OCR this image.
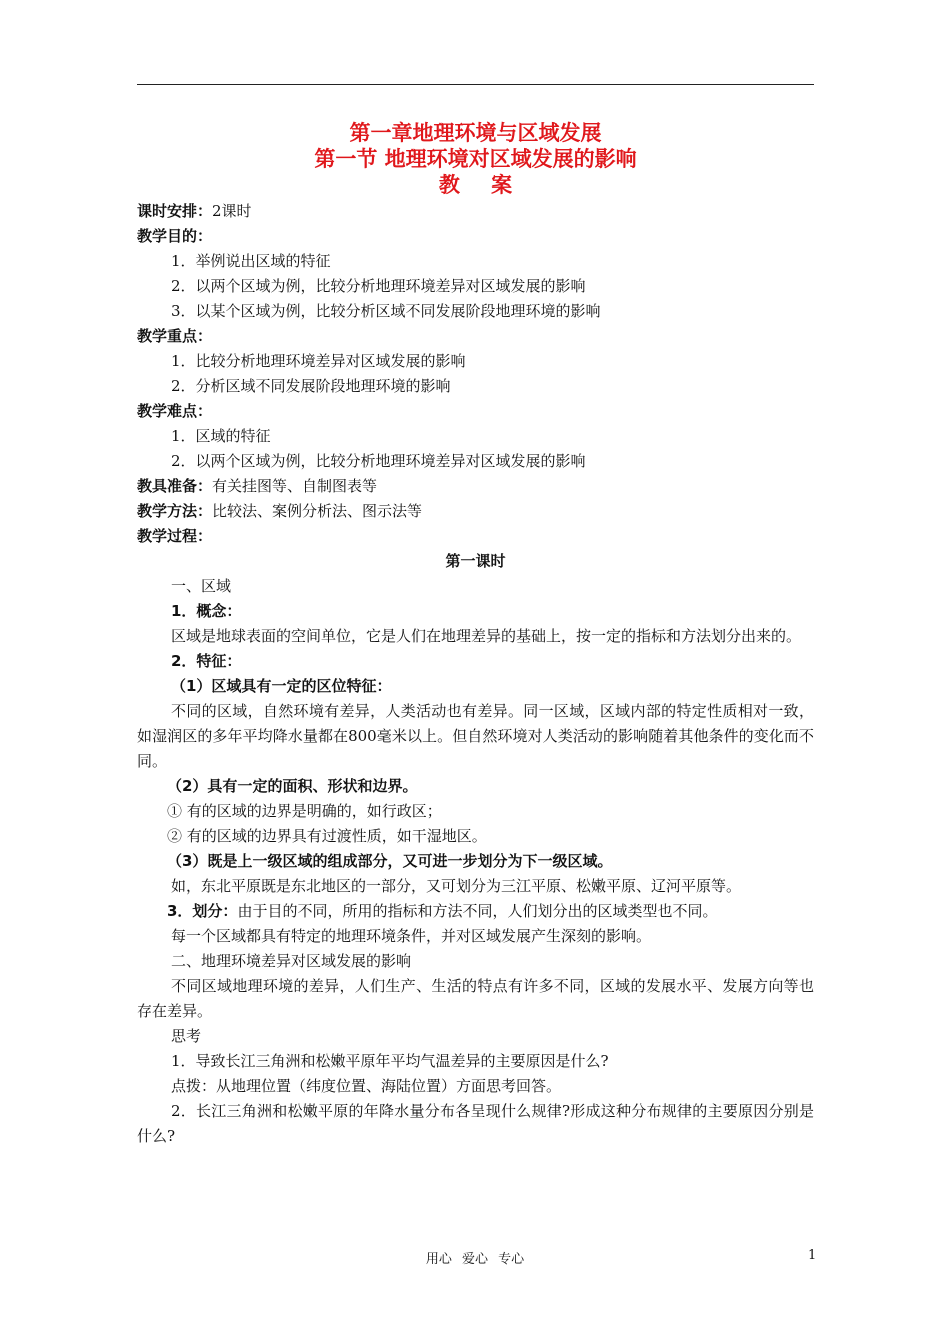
第一章地理环境与区域发展
第一节 地理环境对区域发展的影响
教 案
课时安排：2课时
教学目的：
1．举例说出区域的特征
2．以两个区域为例，比较分析地理环境差异对区域发展的影响
3．以某个区域为例，比较分析区域不同发展阶段地理环境的影响
教学重点：
1．比较分析地理环境差异对区域发展的影响
2．分析区域不同发展阶段地理环境的影响
教学难点：
1．区域的特征
2．以两个区域为例，比较分析地理环境差异对区域发展的影响
教具准备：有关挂图等、自制图表等
教学方法：比较法、案例分析法、图示法等
教学过程：
第一课时
一、区域
1．概念：
区域是地球表面的空间单位，它是人们在地理差异的基础上，按一定的指标和方法划分出来的。
2．特征：
（1）区域具有一定的区位特征：
不同的区域，自然环境有差异，人类活动也有差异。同一区域，区域内部的特定性质相对一致，如湿润区的多年平均降水量都在800毫米以上。但自然环境对人类活动的影响随着其他条件的变化而不同。
（2）具有一定的面积、形状和边界。
① 有的区域的边界是明确的，如行政区；
② 有的区域的边界具有过渡性质，如干湿地区。
（3）既是上一级区域的组成部分，又可进一步划分为下一级区域。
如，东北平原既是东北地区的一部分，又可划分为三江平原、松嫩平原、辽河平原等。
3．划分：由于目的不同，所用的指标和方法不同，人们划分出的区域类型也不同。
每一个区域都具有特定的地理环境条件，并对区域发展产生深刻的影响。
二、地理环境差异对区域发展的影响
不同区域地理环境的差异，人们生产、生活的特点有许多不同，区域的发展水平、发展方向等也存在差异。
思考
1．导致长江三角洲和松嫩平原年平均气温差异的主要原因是什么?
点拨：从地理位置（纬度位置、海陆位置）方面思考回答。
2．长江三角洲和松嫩平原的年降水量分布各呈现什么规律?形成这种分布规律的主要原因分别是什么?
用心 爱心 专心	1
